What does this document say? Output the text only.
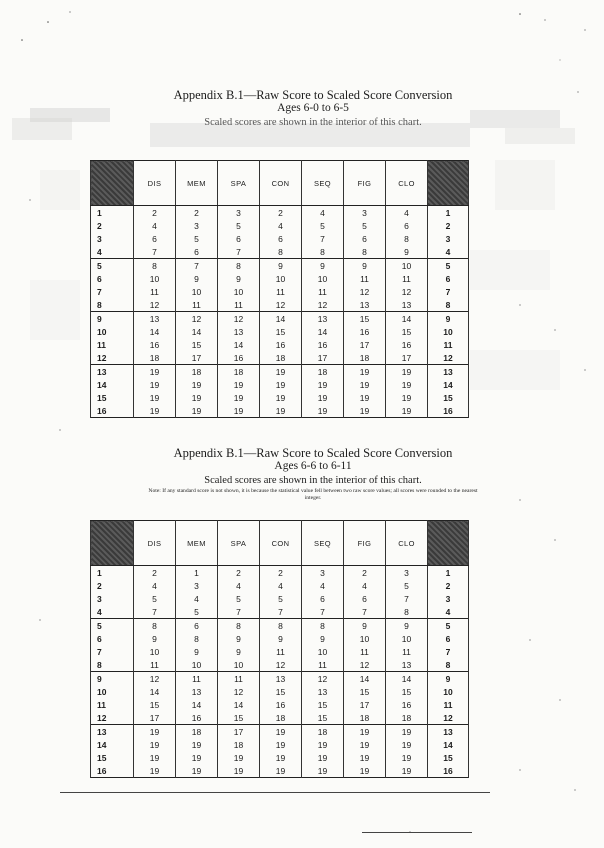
Appendix B.1—Raw Score to Scaled Score Conversion

Ages 6-0 to 6-5

Scaled scores are shown in the interior of this chart.

	DIS	MEM	SPA	CON	SEQ	FIG	CLO	
1	2	2	3	2	4	3	4	1
2	4	3	5	4	5	5	6	2
3	6	5	6	6	7	6	8	3
4	7	6	7	8	8	8	9	4
5	8	7	8	9	9	9	10	5
6	10	9	9	10	10	11	11	6
7	11	10	10	11	11	12	12	7
8	12	11	11	12	12	13	13	8
9	13	12	12	14	13	15	14	9
10	14	14	13	15	14	16	15	10
11	16	15	14	16	16	17	16	11
12	18	17	16	18	17	18	17	12
13	19	18	18	19	18	19	19	13
14	19	19	19	19	19	19	19	14
15	19	19	19	19	19	19	19	15
16	19	19	19	19	19	19	19	16

Appendix B.1—Raw Score to Scaled Score Conversion

Ages 6-6 to 6-11

Scaled scores are shown in the interior of this chart.

Note: If any standard score is not shown, it is because the statistical value fell between two raw score values; all scores were rounded to the nearest integer.

	DIS	MEM	SPA	CON	SEQ	FIG	CLO	
1	2	1	2	2	3	2	3	1
2	4	3	4	4	4	4	5	2
3	5	4	5	5	6	6	7	3
4	7	5	7	7	7	7	8	4
5	8	6	8	8	8	9	9	5
6	9	8	9	9	9	10	10	6
7	10	9	9	11	10	11	11	7
8	11	10	10	12	11	12	13	8
9	12	11	11	13	12	14	14	9
10	14	13	12	15	13	15	15	10
11	15	14	14	16	15	17	16	11
12	17	16	15	18	15	18	18	12
13	19	18	17	19	18	19	19	13
14	19	19	18	19	19	19	19	14
15	19	19	19	19	19	19	19	15
16	19	19	19	19	19	19	19	16
